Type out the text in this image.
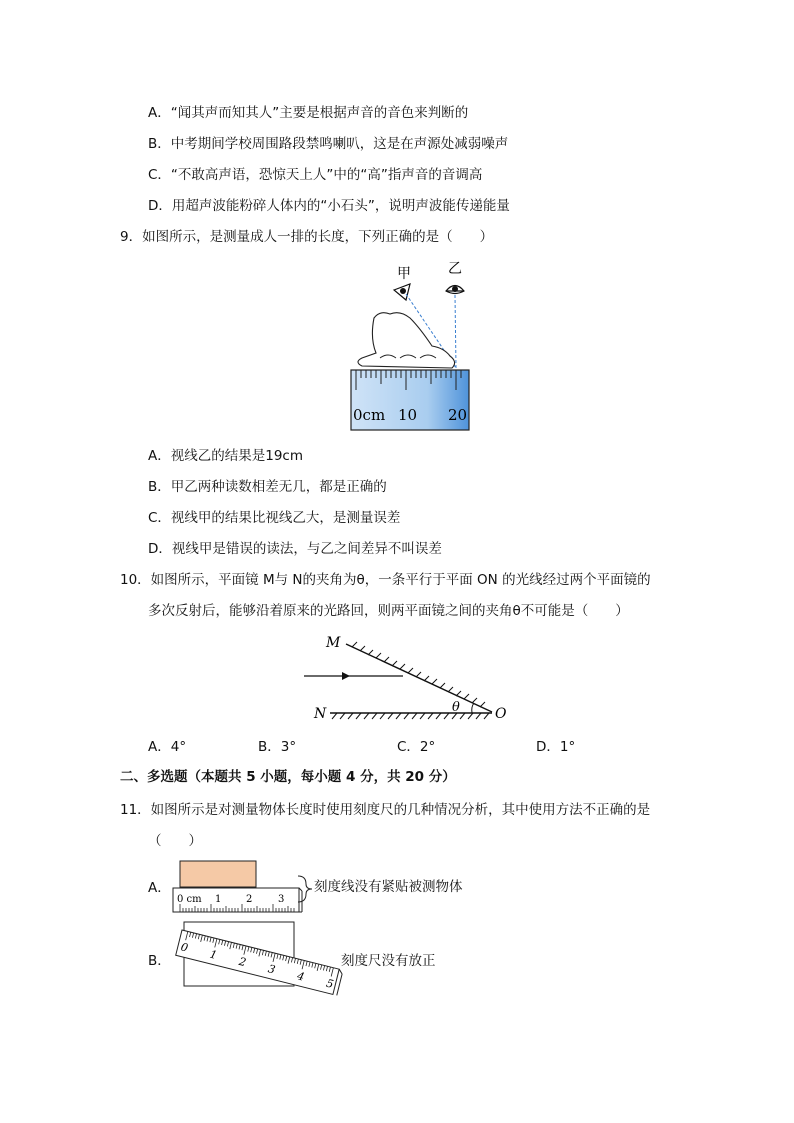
A．“闻其声而知其人”主要是根据声音的音色来判断的
B．中考期间学校周围路段禁鸣喇叭，这是在声源处减弱噪声
C．“不敢高声语，恐惊天上人”中的“高”指声音的音调高
D．用超声波能粉碎人体内的“小石头”，说明声波能传递能量
9．如图所示，是测量成人一排的长度，下列正确的是（　　）
甲	乙
0cm 10 20
A．视线乙的结果是19cm
B．甲乙两种读数相差无几，都是正确的
C．视线甲的结果比视线乙大，是测量误差
D．视线甲是错误的读法，与乙之间差异不叫误差
10．如图所示，平面镜 M与 N的夹角为θ，一条平行于平面 ON 的光线经过两个平面镜的
多次反射后，能够沿着原来的光路回，则两平面镜之间的夹角θ不可能是（　　）
M
N	O
θ
A．4°	B．3°	C．2°	D．1°
二、多选题（本题共 5 小题，每小题 4 分，共 20 分）
11．如图所示是对测量物体长度时使用刻度尺的几种情况分析，其中使用方法不正确的是
（　　）
A．
0 cm 1 2	3
刻度线没有紧贴被测物体
B．
0
1
2
3
4
5
刻度尺没有放正
